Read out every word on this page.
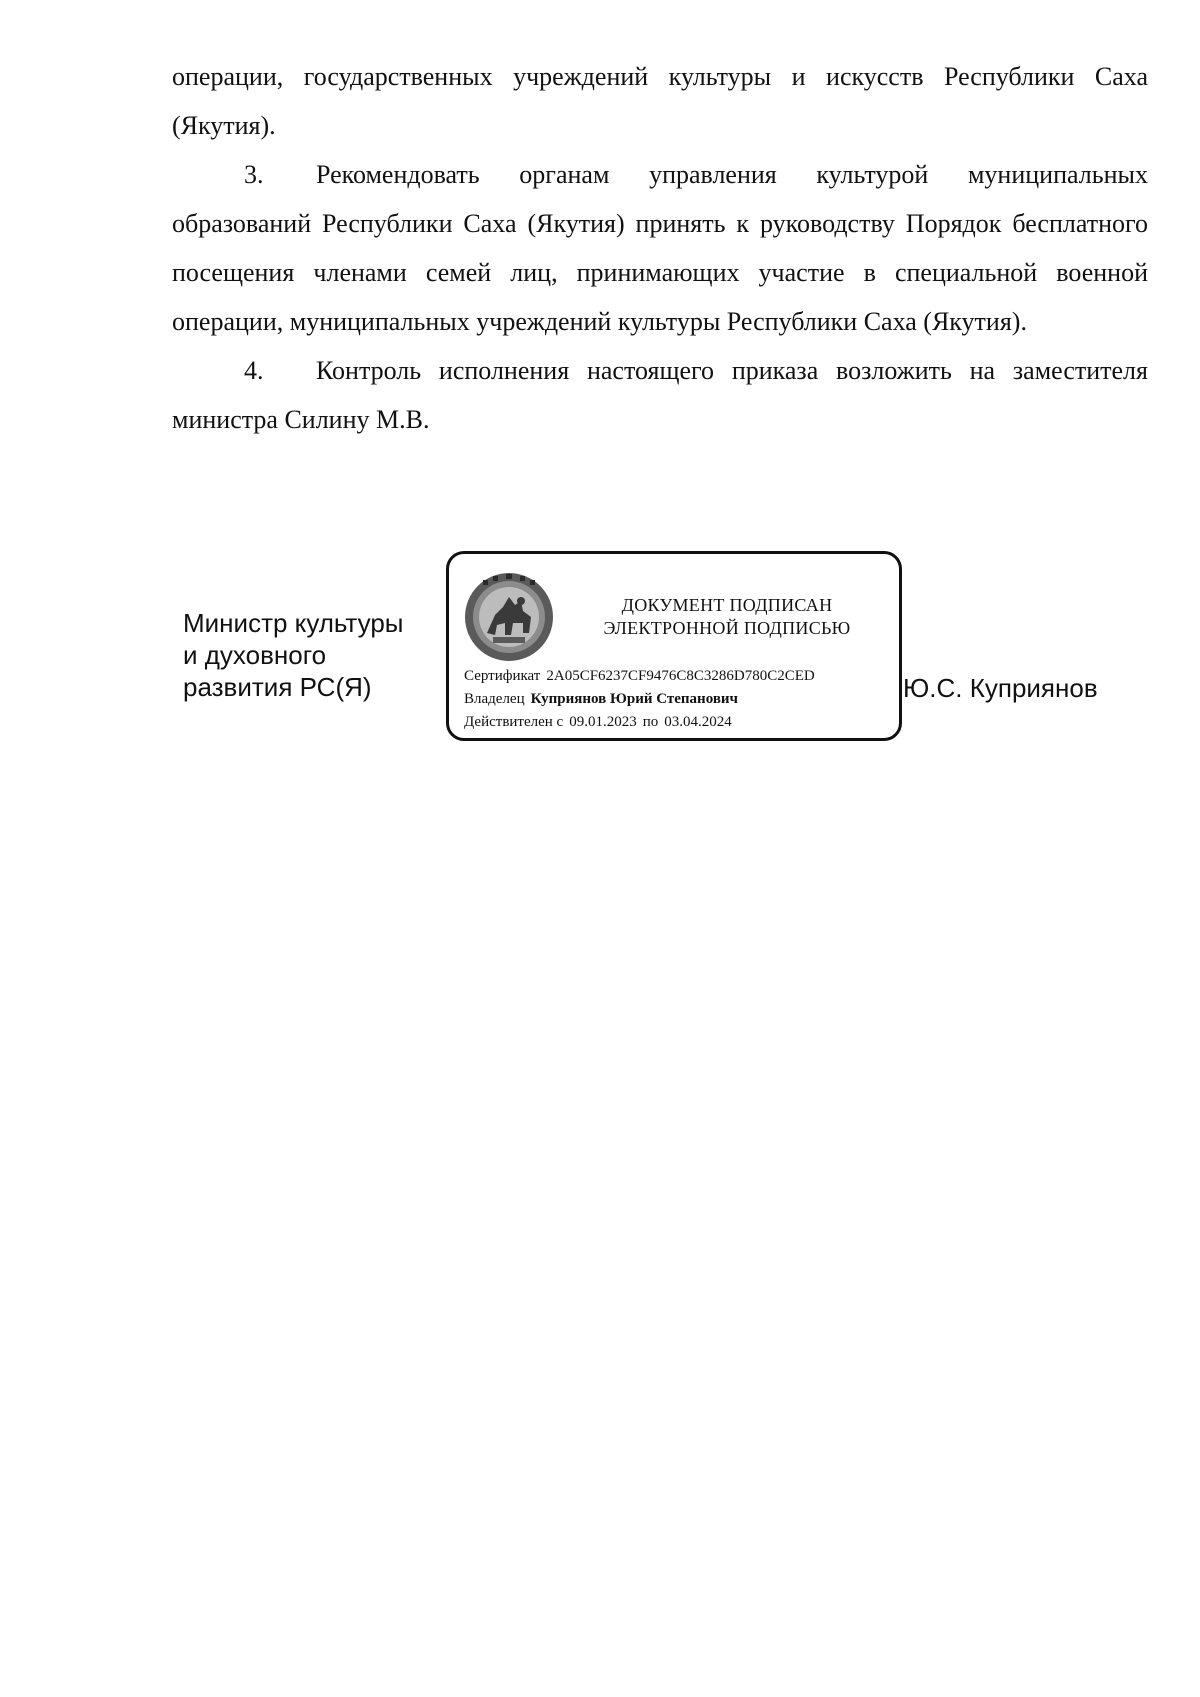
операции, государственных учреждений культуры и искусств Республики Саха (Якутия).

3. Рекомендовать органам управления культурой муниципальных образований Республики Саха (Якутия) принять к руководству Порядок бесплатного посещения членами семей лиц, принимающих участие в специальной военной операции, муниципальных учреждений культуры Республики Саха (Якутия).

4. Контроль исполнения настоящего приказа возложить на заместителя министра Силину М.В.

Министр культуры
и духовного
развития РС(Я)
ДОКУМЕНТ ПОДПИСАН
ЭЛЕКТРОННОЙ ПОДПИСЬЮ
Сертификат 2A05CF6237CF9476C8C3286D780C2CED
Владелец Куприянов Юрий Степанович
Действителен с 09.01.2023 по 03.04.2024
Ю.С. Куприянов
